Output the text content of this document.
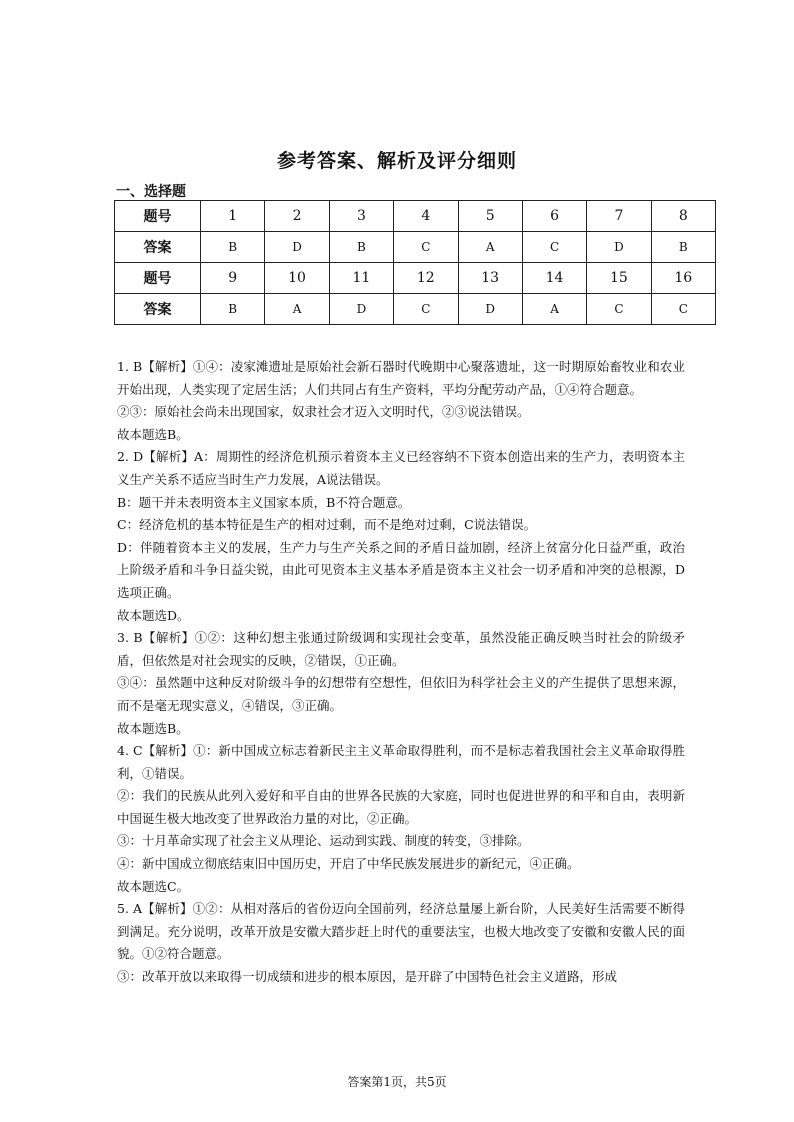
参考答案、解析及评分细则
一、选择题
题号	1	2	3	4	5	6	7	8
答案	B	D	B	C	A	C	D	B
题号	9	10	11	12	13	14	15	16
答案	B	A	D	C	D	A	C	C

1. B【解析】①④：凌家滩遗址是原始社会新石器时代晚期中心聚落遗址，这一时期原始畜牧业和农业开始出现，人类实现了定居生活；人们共同占有生产资料，平均分配劳动产品，①④符合题意。

②③：原始社会尚未出现国家，奴隶社会才迈入文明时代，②③说法错误。

故本题选B。

2. D【解析】A：周期性的经济危机预示着资本主义已经容纳不下资本创造出来的生产力，表明资本主义生产关系不适应当时生产力发展，A说法错误。

B：题干并未表明资本主义国家本质，B不符合题意。

C：经济危机的基本特征是生产的相对过剩，而不是绝对过剩，C说法错误。

D：伴随着资本主义的发展，生产力与生产关系之间的矛盾日益加剧，经济上贫富分化日益严重，政治上阶级矛盾和斗争日益尖锐，由此可见资本主义基本矛盾是资本主义社会一切矛盾和冲突的总根源，D选项正确。

故本题选D。

3. B【解析】①②：这种幻想主张通过阶级调和实现社会变革，虽然没能正确反映当时社会的阶级矛盾，但依然是对社会现实的反映，②错误，①正确。

③④：虽然题中这种反对阶级斗争的幻想带有空想性，但依旧为科学社会主义的产生提供了思想来源，而不是毫无现实意义，④错误，③正确。

故本题选B。

4. C【解析】①：新中国成立标志着新民主主义革命取得胜利，而不是标志着我国社会主义革命取得胜利，①错误。

②：我们的民族从此列入爱好和平自由的世界各民族的大家庭，同时也促进世界的和平和自由，表明新中国诞生极大地改变了世界政治力量的对比，②正确。

③：十月革命实现了社会主义从理论、运动到实践、制度的转变，③排除。

④：新中国成立彻底结束旧中国历史，开启了中华民族发展进步的新纪元，④正确。

故本题选C。

5. A【解析】①②：从相对落后的省份迈向全国前列，经济总量屡上新台阶，人民美好生活需要不断得到满足。充分说明，改革开放是安徽大踏步赶上时代的重要法宝，也极大地改变了安徽和安徽人民的面貌。①②符合题意。

③：改革开放以来取得一切成绩和进步的根本原因，是开辟了中国特色社会主义道路，形成

答案第1页，共5页
